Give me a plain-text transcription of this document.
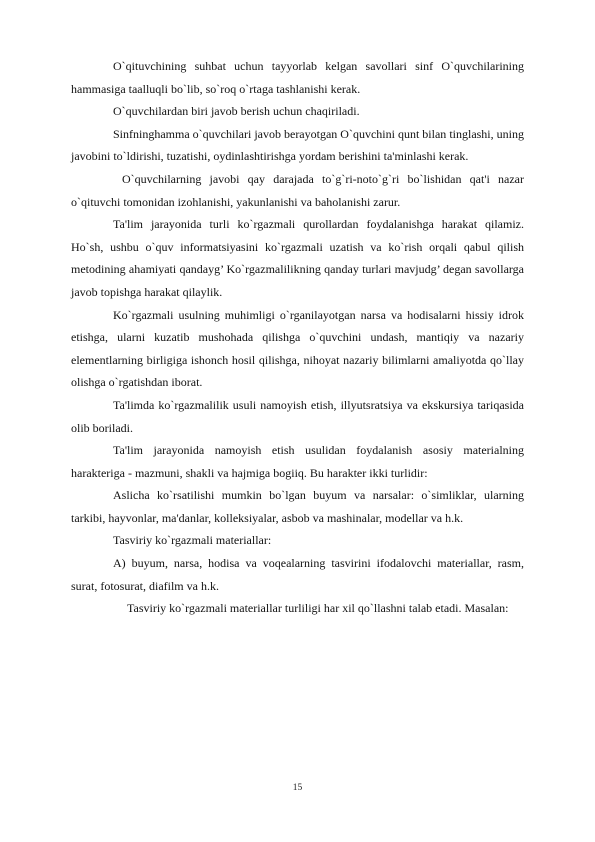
O`qituvchining suhbat uchun tayyorlab kelgan savollari sinf O`quvchilarining hammasiga taalluqli bo`lib, so`roq o`rtaga tashlanishi kerak.

O`quvchilardan biri javob berish uchun chaqiriladi.

Sinfninghamma o`quvchilari javob berayotgan O`quvchini qunt bilan tinglashi, uning javobini to`ldirishi, tuzatishi, oydinlashtirishga yordam berishini ta'minlashi kerak.

O`quvchilarning javobi qay darajada to`g`ri-noto`g`ri bo`lishidan qat'i nazar o`qituvchi tomonidan izohlanishi, yakunlanishi va baholanishi zarur.

Ta'lim jarayonida turli ko`rgazmali qurollardan foydalanishga harakat qilamiz. Ho`sh, ushbu o`quv informatsiyasini ko`rgazmali uzatish va ko`rish orqali qabul qilish metodining ahamiyati qandayg’ Ko`rgazmalilikning qanday turlari mavjudg’ degan savollarga javob topishga harakat qilaylik.

Ko`rgazmali usulning muhimligi o`rganilayotgan narsa va hodisalarni hissiy idrok etishga, ularni kuzatib mushohada qilishga o`quvchini undash, mantiqiy va nazariy elementlarning birligiga ishonch hosil qilishga, nihoyat nazariy bilimlarni amaliyotda qo`llay olishga o`rgatishdan iborat.

Ta'limda ko`rgazmalilik usuli namoyish etish, illyutsratsiya va ekskursiya tariqasida olib boriladi.

Ta'lim jarayonida namoyish etish usulidan foydalanish asosiy materialning harakteriga - mazmuni, shakli va hajmiga bogiiq. Bu harakter ikki turlidir:

Aslicha ko`rsatilishi mumkin bo`lgan buyum va narsalar: o`simliklar, ularning tarkibi, hayvonlar, ma'danlar, kolleksiyalar, asbob va mashinalar, modellar va h.k.

Tasviriy ko`rgazmali materiallar:

A) buyum, narsa, hodisa va voqealarning tasvirini ifodalovchi materiallar, rasm, surat, fotosurat, diafilm va h.k.

Tasviriy ko`rgazmali materiallar turliligi har xil qo`llashni talab etadi. Masalan:

15
